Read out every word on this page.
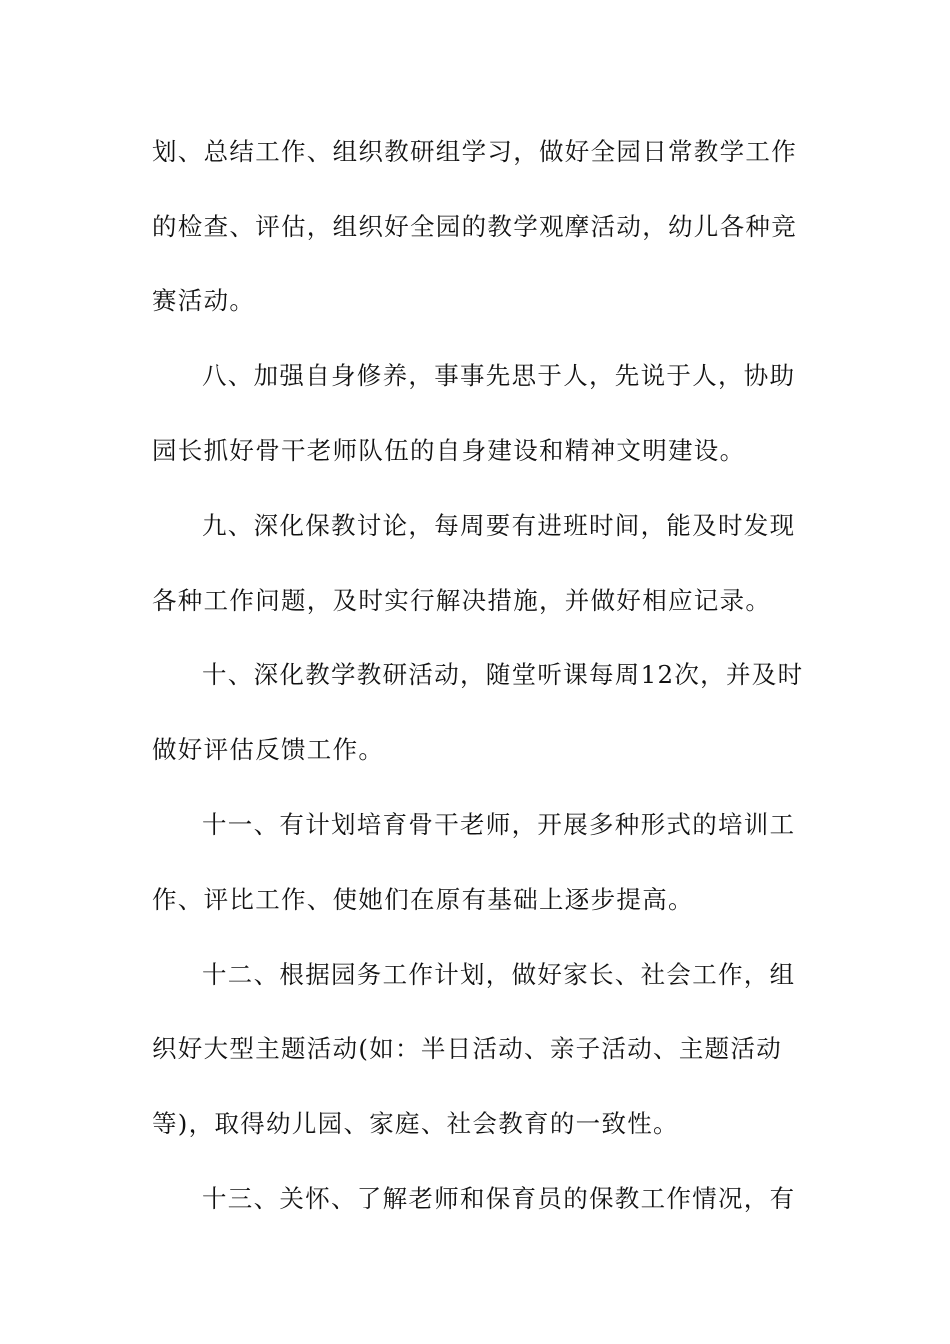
划、总结工作、组织教研组学习，做好全园日常教学工作
的检查、评估，组织好全园的教学观摩活动，幼儿各种竞
赛活动。
八、加强自身修养，事事先思于人，先说于人，协助
园长抓好骨干老师队伍的自身建设和精神文明建设。
九、深化保教讨论，每周要有进班时间，能及时发现
各种工作问题，及时实行解决措施，并做好相应记录。
十、深化教学教研活动，随堂听课每周12次，并及时
做好评估反馈工作。
十一、有计划培育骨干老师，开展多种形式的培训工
作、评比工作、使她们在原有基础上逐步提高。
十二、根据园务工作计划，做好家长、社会工作，组
织好大型主题活动(如：半日活动、亲子活动、主题活动
等)，取得幼儿园、家庭、社会教育的一致性。
十三、关怀、了解老师和保育员的保教工作情况，有
